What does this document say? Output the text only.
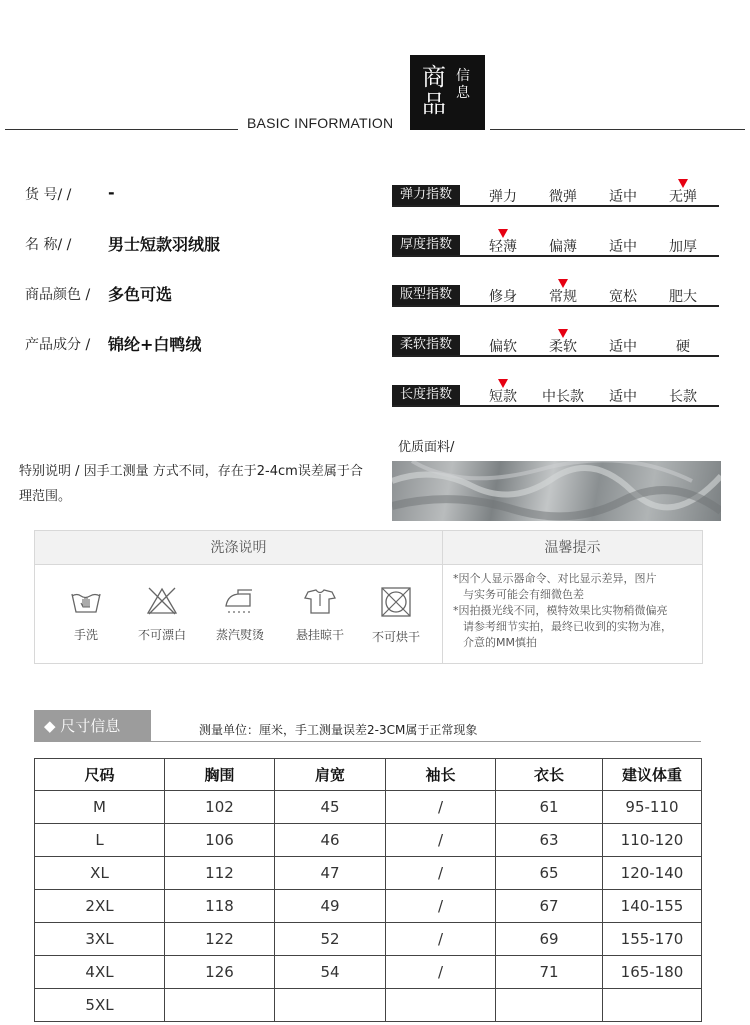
BASIC INFORMATION
商
品
信
息
货 号/ / -
名 称/ / 男士短款羽绒服
商品颜色 / 多色可选
产品成分 / 锦纶+白鸭绒
弹力指数	弹力	微弹	适中	无弹
厚度指数	轻薄	偏薄	适中	加厚
版型指数	修身	常规	宽松	肥大
柔软指数	偏软	柔软	适中	硬
长度指数	短款	中长款	适中	长款
优质面料/
特别说明 / 因手工测量 方式不同，存在于2-4cm误差属于合理范围。
洗涤说明	温馨提示
手洗	不可漂白	蒸汽熨烫	悬挂晾干	不可烘干

*因个人显示器命令、对比显示差异，图片

与实务可能会有细微色差

*因拍摄光线不同，模特效果比实物稍微偏亮

请参考细节实拍，最终已收到的实物为准，

介意的MM慎拍

◆ 尺寸信息	测量单位：厘米，手工测量误差2-3CM属于正常现象
尺码	胸围	肩宽	袖长	衣长	建议体重
M	102	45	/	61	95-110
L	106	46	/	63	110-120
XL	112	47	/	65	120-140
2XL	118	49	/	67	140-155
3XL	122	52	/	69	155-170
4XL	126	54	/	71	165-180
5XL					
